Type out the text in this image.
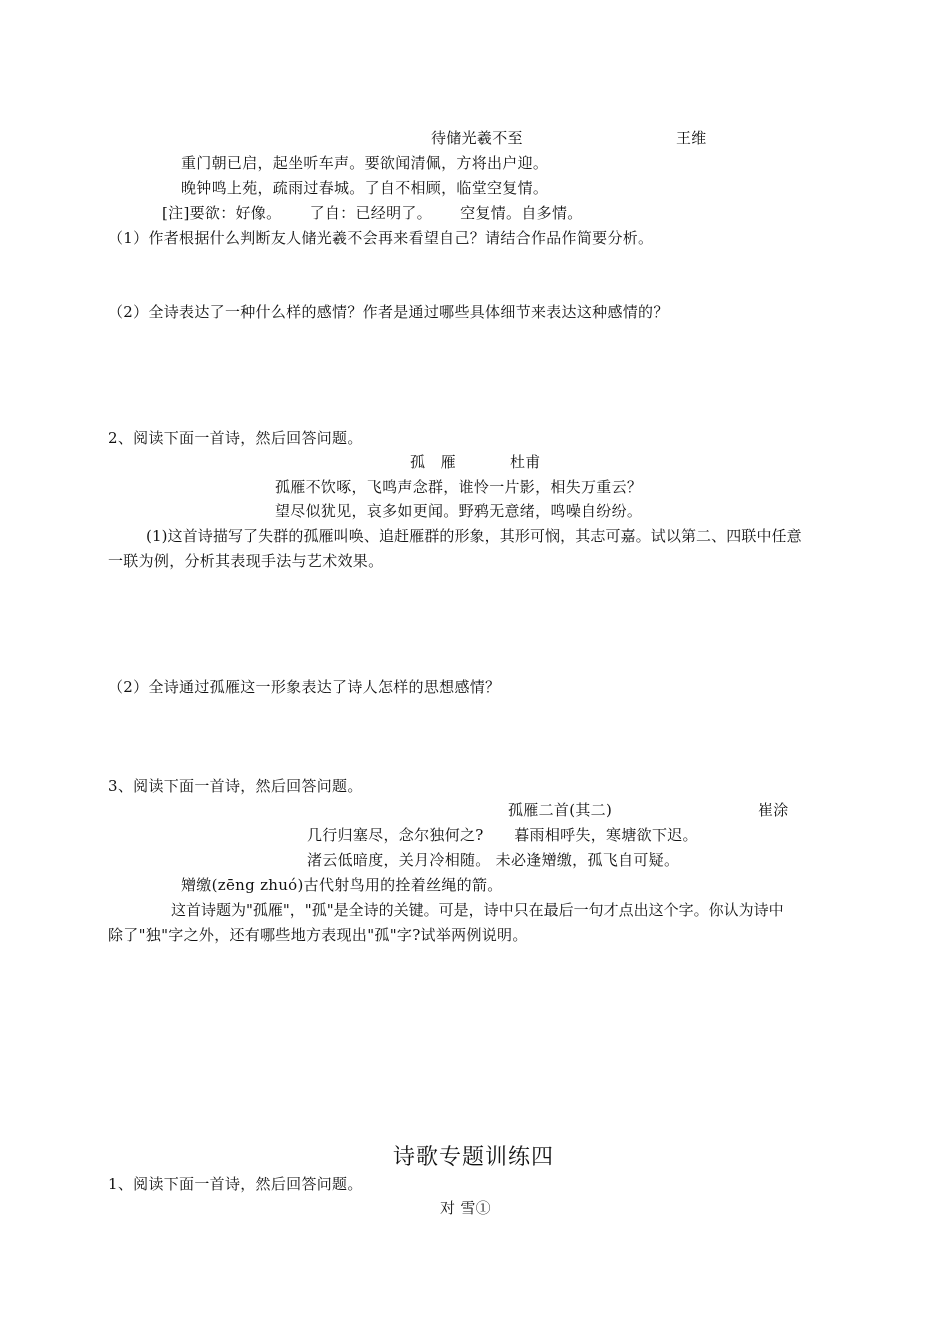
待储光羲不至	王维
重门朝已启，起坐听车声。要欲闻清佩，方将出户迎。
晚钟鸣上苑，疏雨过春城。了自不相顾，临堂空复情。
[注]要欲：好像。　　 了自：已经明了。　　 空复情。自多情。
（1）作者根据什么判断友人储光羲不会再来看望自己？请结合作品作简要分析。
（2）全诗表达了一种什么样的感情？作者是通过哪些具体细节来表达这种感情的？
2、阅读下面一首诗，然后回答问题。
孤　雁	杜甫
孤雁不饮啄，飞鸣声念群，谁怜一片影，相失万重云？
望尽似犹见，哀多如更闻。野鸦无意绪，鸣噪自纷纷。
(1)这首诗描写了失群的孤雁叫唤、追赶雁群的形象，其形可悯，其志可嘉。试以第二、四联中任意
一联为例，分析其表现手法与艺术效果。
（2）全诗通过孤雁这一形象表达了诗人怎样的思想感情？
3、阅读下面一首诗，然后回答问题。
孤雁二首(其二)	崔涂
几行归塞尽，念尔独何之?　　暮雨相呼失，寒塘欲下迟。
渚云低暗度，关月冷相随。 未必逢矰缴，孤飞自可疑。
矰缴(zēng zhuó)古代射鸟用的拴着丝绳的箭。
这首诗题为"孤雁"，"孤"是全诗的关键。可是，诗中只在最后一句才点出这个字。你认为诗中
除了"独"字之外，还有哪些地方表现出"孤"字?试举两例说明。
诗歌专题训练四
1、阅读下面一首诗，然后回答问题。
对 雪①
